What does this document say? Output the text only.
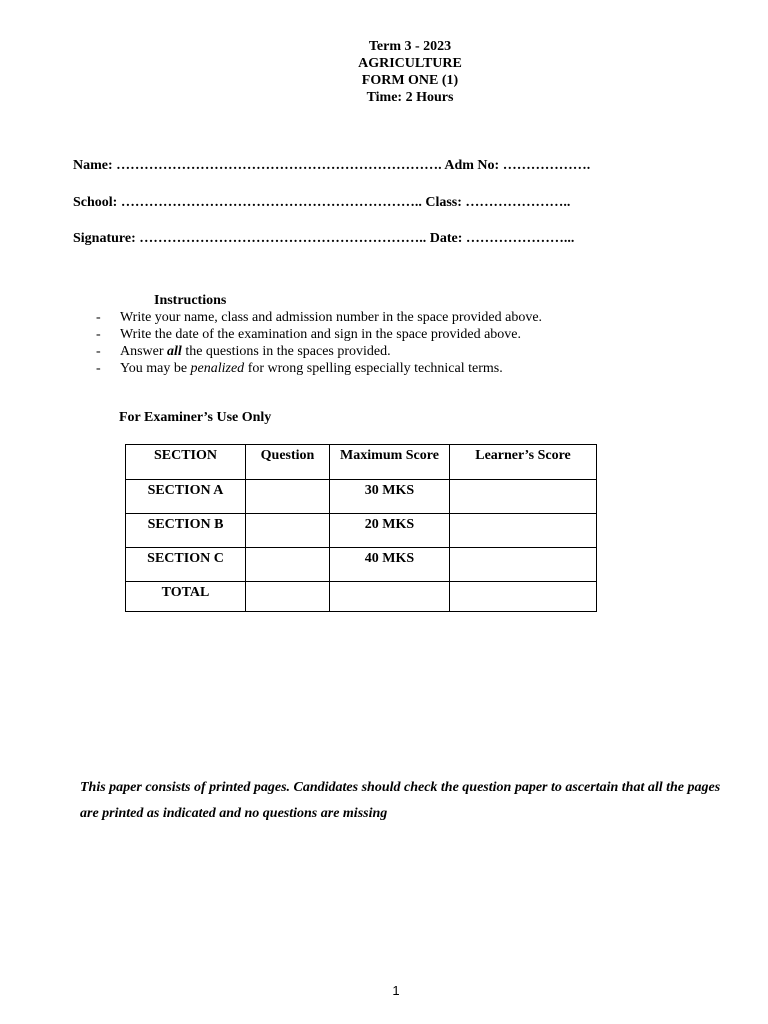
Term 3 - 2023
AGRICULTURE
FORM ONE (1)
Time: 2 Hours
Name: ……………………………………………………………. Adm No: ……………….
School: ……………………………………………………….. Class: …………………..
Signature: …………………………………………………….. Date: …………………...
Instructions
-	Write your name, class and admission number in the space provided above.
-	Write the date of the examination and sign in the space provided above.
-	Answer all the questions in the spaces provided.
-	You may be penalized for wrong spelling especially technical terms.
For Examiner’s Use Only
SECTION	Question	Maximum Score	Learner’s Score
SECTION A		30 MKS	
SECTION B		20 MKS	
SECTION C		40 MKS	
TOTAL			
This paper consists of printed pages. Candidates should check the question paper to ascertain that all the pages are printed as indicated and no questions are missing
1
